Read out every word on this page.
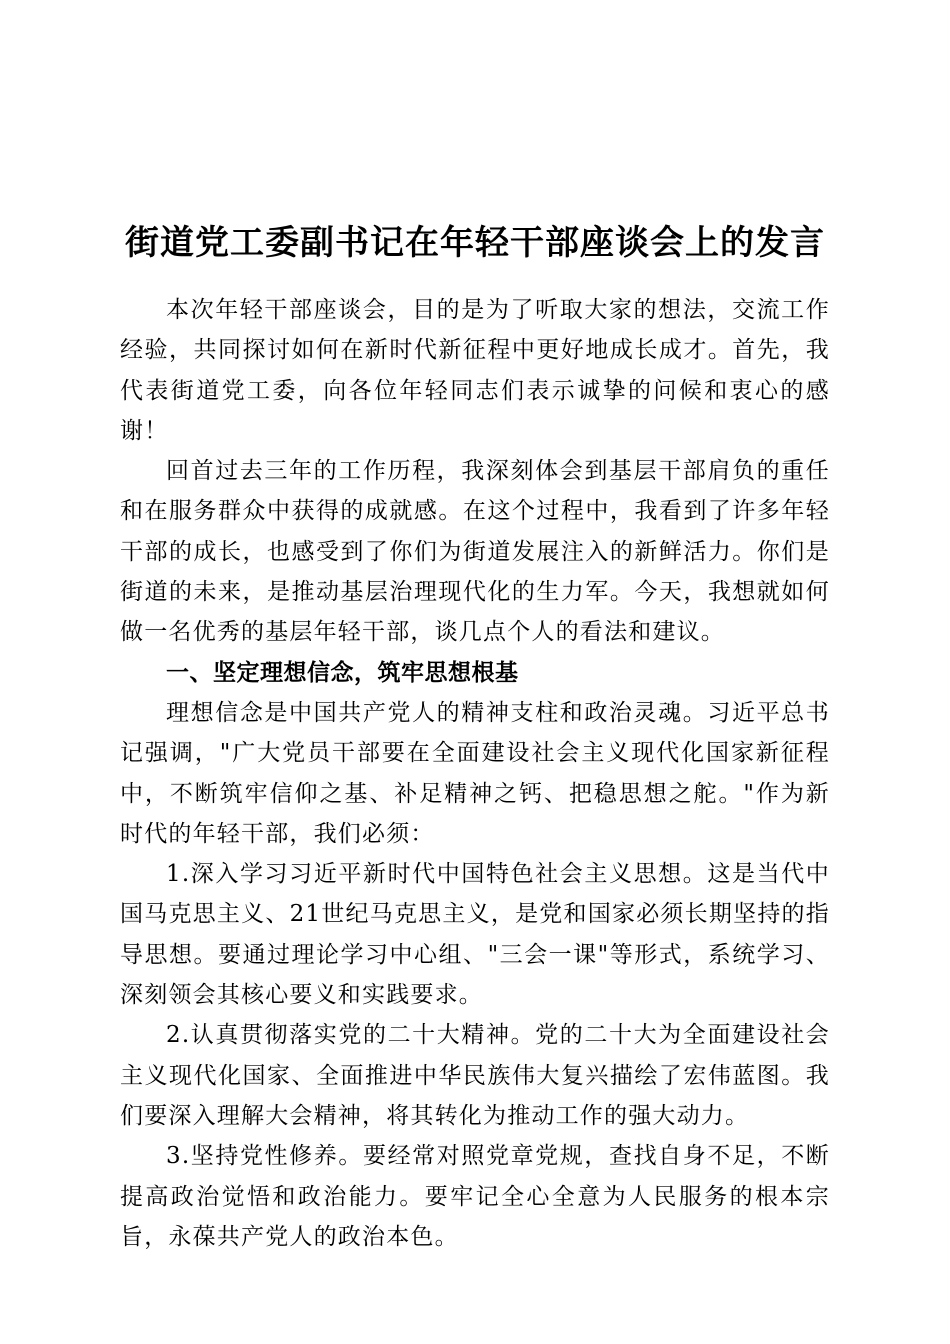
街道党工委副书记在年轻干部座谈会上的发言

本次年轻干部座谈会，目的是为了听取大家的想法，交流工作经验，共同探讨如何在新时代新征程中更好地成长成才。首先，我代表街道党工委，向各位年轻同志们表示诚挚的问候和衷心的感谢！

回首过去三年的工作历程，我深刻体会到基层干部肩负的重任和在服务群众中获得的成就感。在这个过程中，我看到了许多年轻干部的成长，也感受到了你们为街道发展注入的新鲜活力。你们是街道的未来，是推动基层治理现代化的生力军。今天，我想就如何做一名优秀的基层年轻干部，谈几点个人的看法和建议。

一、坚定理想信念，筑牢思想根基

理想信念是中国共产党人的精神支柱和政治灵魂。习近平总书记强调，"广大党员干部要在全面建设社会主义现代化国家新征程中，不断筑牢信仰之基、补足精神之钙、把稳思想之舵。"作为新时代的年轻干部，我们必须：

1.深入学习习近平新时代中国特色社会主义思想。这是当代中国马克思主义、21世纪马克思主义，是党和国家必须长期坚持的指导思想。要通过理论学习中心组、"三会一课"等形式，系统学习、深刻领会其核心要义和实践要求。

2.认真贯彻落实党的二十大精神。党的二十大为全面建设社会主义现代化国家、全面推进中华民族伟大复兴描绘了宏伟蓝图。我们要深入理解大会精神，将其转化为推动工作的强大动力。

3.坚持党性修养。要经常对照党章党规，查找自身不足，不断提高政治觉悟和政治能力。要牢记全心全意为人民服务的根本宗旨，永葆共产党人的政治本色。
